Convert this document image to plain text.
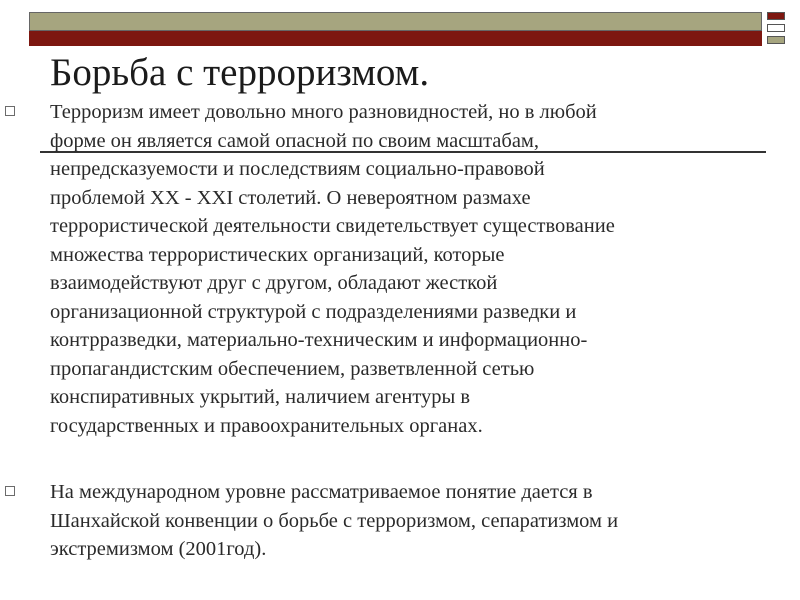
Борьба с терроризмом.
Терроризм имеет довольно много разновидностей, но в любой
форме он является самой опасной по своим масштабам,
непредсказуемости и последствиям социально-правовой
проблемой XX - XXI столетий. О невероятном размахе
террористической деятельности свидетельствует существование
множества террористических организаций, которые
взаимодействуют друг с другом, обладают жесткой
организационной структурой с подразделениями разведки и
контрразведки, материально-техническим и информационно-
пропагандистским обеспечением, разветвленной сетью
конспиративных укрытий, наличием агентуры в
государственных и правоохранительных органах.
На международном уровне рассматриваемое понятие дается в
Шанхайской конвенции о борьбе с терроризмом, сепаратизмом и
экстремизмом (2001год).
